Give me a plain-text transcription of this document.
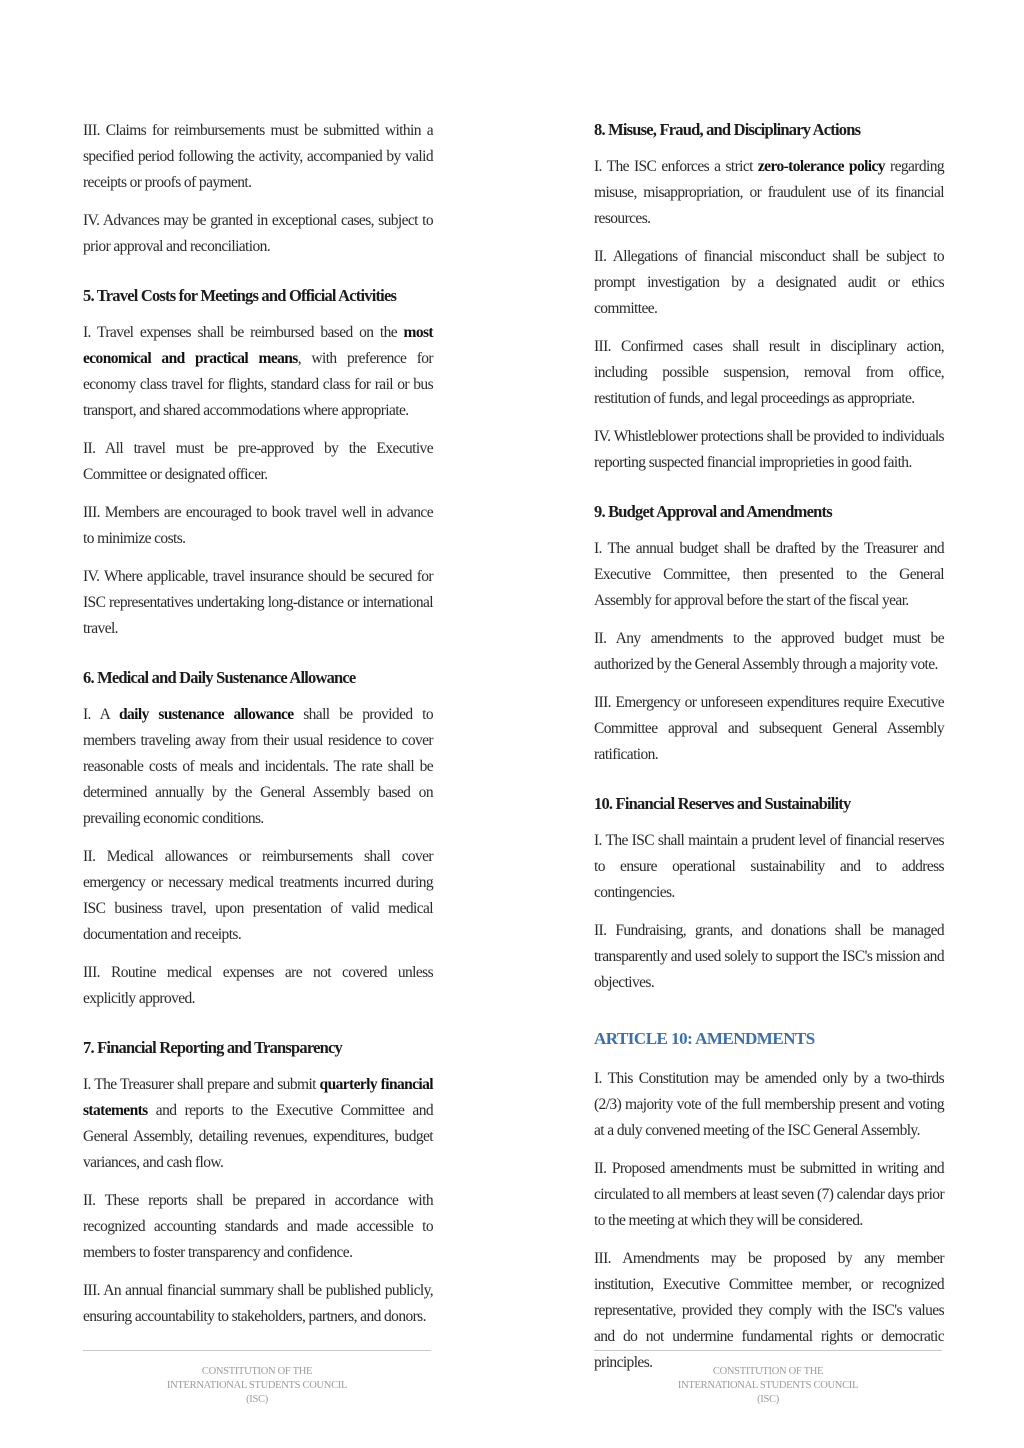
III. Claims for reimbursements must be submitted within a specified period following the activity, accompanied by valid receipts or proofs of payment.

IV. Advances may be granted in exceptional cases, subject to prior approval and reconciliation.

5. Travel Costs for Meetings and Official Activities

I. Travel expenses shall be reimbursed based on the most economical and practical means, with preference for economy class travel for flights, standard class for rail or bus transport, and shared accommodations where appropriate.

II. All travel must be pre-approved by the Executive Committee or designated officer.

III. Members are encouraged to book travel well in advance to minimize costs.

IV. Where applicable, travel insurance should be secured for ISC representatives undertaking long-distance or international travel.

6. Medical and Daily Sustenance Allowance

I. A daily sustenance allowance shall be provided to members traveling away from their usual residence to cover reasonable costs of meals and incidentals. The rate shall be determined annually by the General Assembly based on prevailing economic conditions.

II. Medical allowances or reimbursements shall cover emergency or necessary medical treatments incurred during ISC business travel, upon presentation of valid medical documentation and receipts.

III. Routine medical expenses are not covered unless explicitly approved.

7. Financial Reporting and Transparency

I. The Treasurer shall prepare and submit quarterly financial statements and reports to the Executive Committee and General Assembly, detailing revenues, expenditures, budget variances, and cash flow.

II. These reports shall be prepared in accordance with recognized accounting standards and made accessible to members to foster transparency and confidence.

III. An annual financial summary shall be published publicly, ensuring accountability to stakeholders, partners, and donors.

8. Misuse, Fraud, and Disciplinary Actions

I. The ISC enforces a strict zero-tolerance policy regarding misuse, misappropriation, or fraudulent use of its financial resources.

II. Allegations of financial misconduct shall be subject to prompt investigation by a designated audit or ethics committee.

III. Confirmed cases shall result in disciplinary action, including possible suspension, removal from office, restitution of funds, and legal proceedings as appropriate.

IV. Whistleblower protections shall be provided to individuals reporting suspected financial improprieties in good faith.

9. Budget Approval and Amendments

I. The annual budget shall be drafted by the Treasurer and Executive Committee, then presented to the General Assembly for approval before the start of the fiscal year.

II. Any amendments to the approved budget must be authorized by the General Assembly through a majority vote.

III. Emergency or unforeseen expenditures require Executive Committee approval and subsequent General Assembly ratification.

10. Financial Reserves and Sustainability

I. The ISC shall maintain a prudent level of financial reserves to ensure operational sustainability and to address contingencies.

II. Fundraising, grants, and donations shall be managed transparently and used solely to support the ISC's mission and objectives.

ARTICLE 10: AMENDMENTS

I. This Constitution may be amended only by a two-thirds (2/3) majority vote of the full membership present and voting at a duly convened meeting of the ISC General Assembly.

II. Proposed amendments must be submitted in writing and circulated to all members at least seven (7) calendar days prior to the meeting at which they will be considered.

III. Amendments may be proposed by any member institution, Executive Committee member, or recognized representative, provided they comply with the ISC's values and do not undermine fundamental rights or democratic principles.

CONSTITUTION OF THE
INTERNATIONAL STUDENTS COUNCIL
(ISC)
CONSTITUTION OF THE
INTERNATIONAL STUDENTS COUNCIL
(ISC)
